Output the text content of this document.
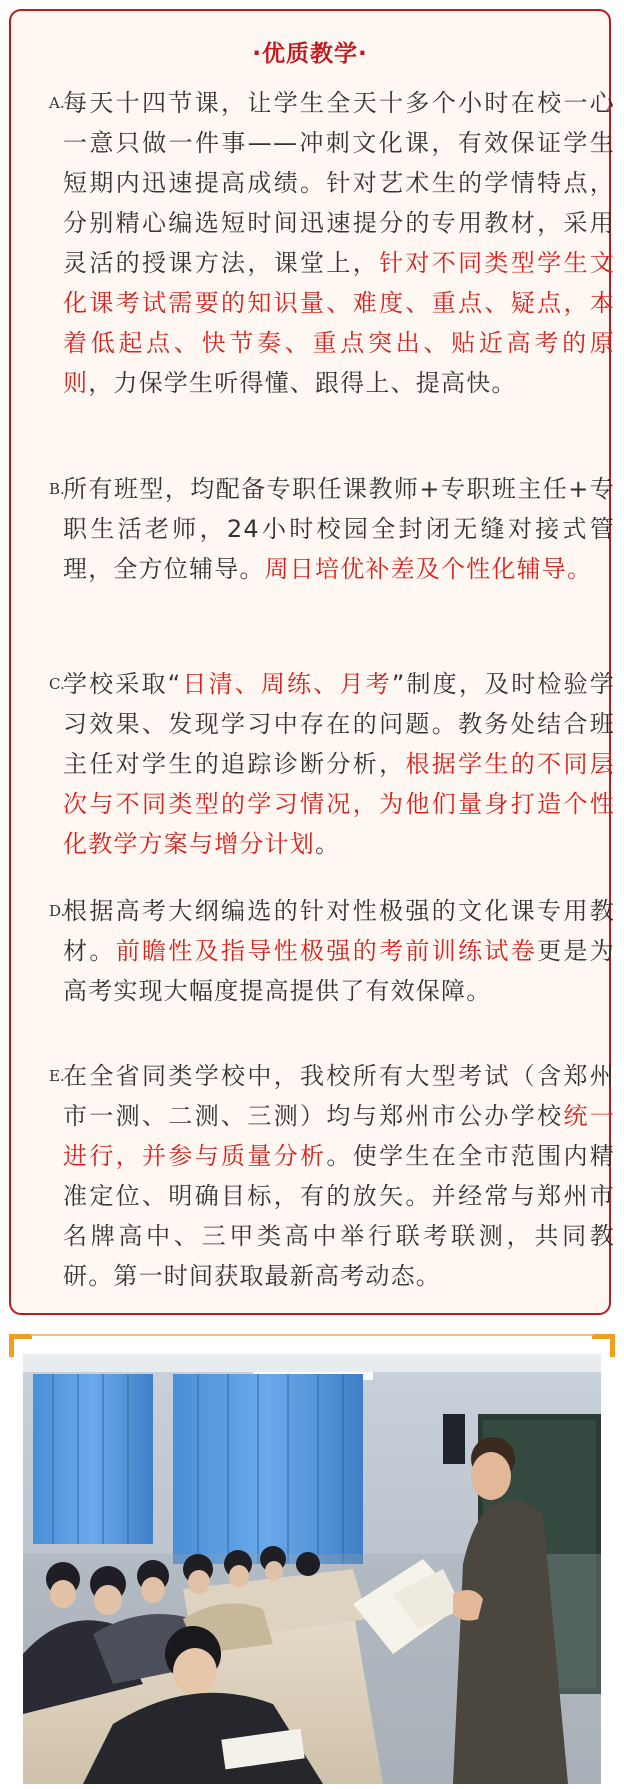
·优质教学·
A.

每天十四节课，让学生全天十多个小时在校一心一意只做一件事——冲刺文化课，有效保证学生短期内迅速提高成绩。针对艺术生的学情特点，分别精心编选短时间迅速提分的专用教材，采用灵活的授课方法，课堂上，针对不同类型学生文化课考试需要的知识量、难度、重点、疑点，本着低起点、快节奏、重点突出、贴近高考的原则，力保学生听得懂、跟得上、提高快。

B.

所有班型，均配备专职任课教师+专职班主任+专职生活老师，24小时校园全封闭无缝对接式管理，全方位辅导。周日培优补差及个性化辅导。

C.

学校采取“日清、周练、月考”制度，及时检验学习效果、发现学习中存在的问题。教务处结合班主任对学生的追踪诊断分析，根据学生的不同层次与不同类型的学习情况，为他们量身打造个性化教学方案与增分计划。

D.

根据高考大纲编选的针对性极强的文化课专用教材。前瞻性及指导性极强的考前训练试卷更是为高考实现大幅度提高提供了有效保障。

E.

在全省同类学校中，我校所有大型考试（含郑州市一测、二测、三测）均与郑州市公办学校统一进行，并参与质量分析。使学生在全市范围内精准定位、明确目标，有的放矢。并经常与郑州市名牌高中、三甲类高中举行联考联测，共同教研。第一时间获取最新高考动态。
